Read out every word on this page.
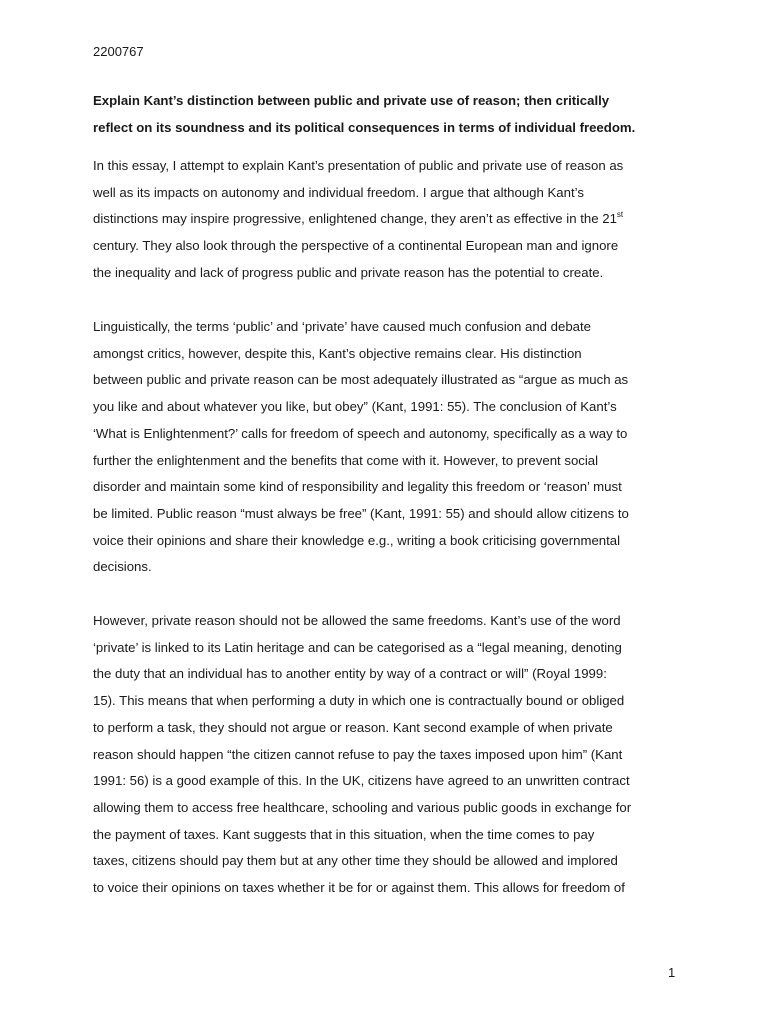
2200767
Explain Kant’s distinction between public and private use of reason; then critically
reflect on its soundness and its political consequences in terms of individual freedom.
In this essay, I attempt to explain Kant’s presentation of public and private use of reason as
well as its impacts on autonomy and individual freedom. I argue that although Kant’s
distinctions may inspire progressive, enlightened change, they aren’t as effective in the 21st
century. They also look through the perspective of a continental European man and ignore
the inequality and lack of progress public and private reason has the potential to create.
Linguistically, the terms ‘public’ and ‘private’ have caused much confusion and debate
amongst critics, however, despite this, Kant’s objective remains clear. His distinction
between public and private reason can be most adequately illustrated as “argue as much as
you like and about whatever you like, but obey” (Kant, 1991: 55). The conclusion of Kant’s
‘What is Enlightenment?’ calls for freedom of speech and autonomy, specifically as a way to
further the enlightenment and the benefits that come with it. However, to prevent social
disorder and maintain some kind of responsibility and legality this freedom or ‘reason’ must
be limited. Public reason “must always be free” (Kant, 1991: 55) and should allow citizens to
voice their opinions and share their knowledge e.g., writing a book criticising governmental
decisions.
However, private reason should not be allowed the same freedoms. Kant’s use of the word
‘private’ is linked to its Latin heritage and can be categorised as a “legal meaning, denoting
the duty that an individual has to another entity by way of a contract or will” (Royal 1999:
15). This means that when performing a duty in which one is contractually bound or obliged
to perform a task, they should not argue or reason. Kant second example of when private
reason should happen “the citizen cannot refuse to pay the taxes imposed upon him” (Kant
1991: 56) is a good example of this. In the UK, citizens have agreed to an unwritten contract
allowing them to access free healthcare, schooling and various public goods in exchange for
the payment of taxes. Kant suggests that in this situation, when the time comes to pay
taxes, citizens should pay them but at any other time they should be allowed and implored
to voice their opinions on taxes whether it be for or against them. This allows for freedom of
1
